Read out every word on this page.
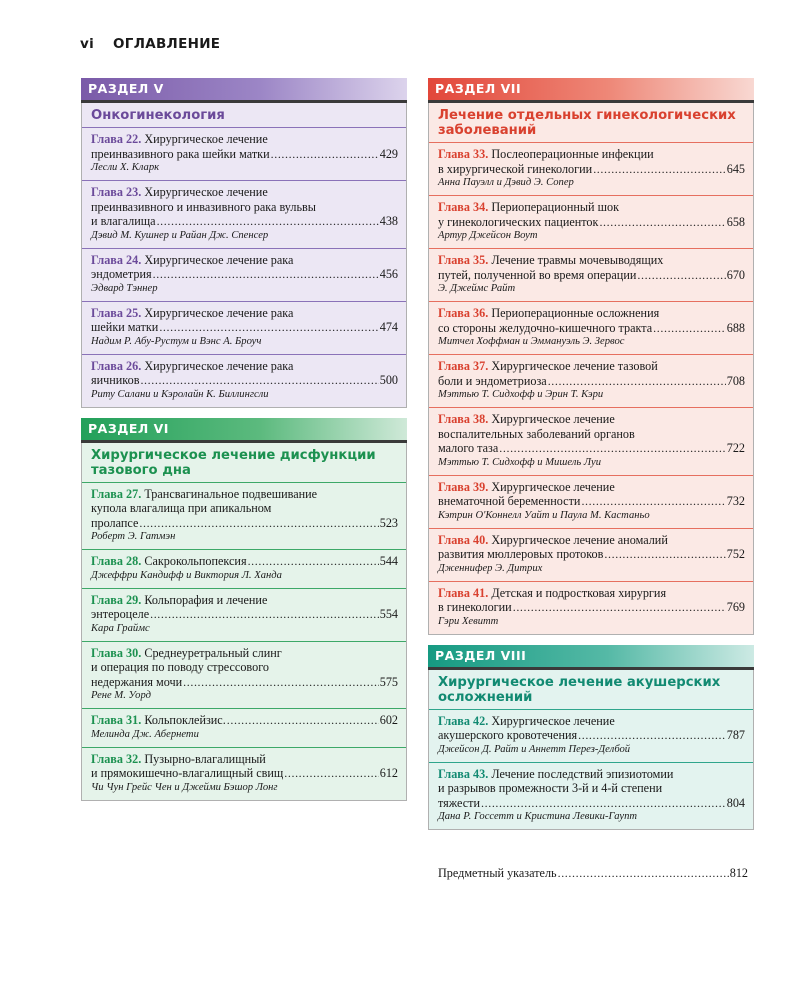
vi ОГЛАВЛЕНИЕ
РАЗДЕЛ V
Онкогинекология
Глава 22.
Хирургическое лечение
преинвазивного рака шейки матки . . .	429
Лесли Х. Кларк
Глава 23.
Хирургическое лечение
преинвазивного и инвазивного рака вульвы
и влагалища . . .	438
Дэвид М. Кушнер и Райан Дж. Спенсер
Глава 24.
Хирургическое лечение рака
эндометрия . . .	456
Эдвард Тэннер
Глава 25.
Хирургическое лечение рака
шейки матки . . .	474
Надим Р. Абу-Рустум и Вэнс А. Броуч
Глава 26.
Хирургическое лечение рака
яичников . . .	500
Риту Салани и Кэролайн К. Биллингсли
РАЗДЕЛ VI
Хирургическое лечение дисфункции
тазового дна
Глава 27.
Трансвагинальное подвешивание
купола влагалища при апикальном
пролапсе . . .	523
Роберт Э. Гатмэн
Глава 28.
Сакрокольпопексия . . .	544
Джеффри Кандифф и Виктория Л. Ханда
Глава 29.
Кольпорафия и лечение
энтероцеле . . .	554
Кара Граймс
Глава 30.
Среднеуретральный слинг
и операция по поводу стрессового
недержания мочи . . .	575
Рене М. Уорд
Глава 31.
Кольпоклейзис. . . .	602
Мелинда Дж. Абернети
Глава 32.
Пузырно-влагалищный
и прямокишечно-влагалищный свищ . . .	612
Чи Чун Грейс Чен и Джейми Бэшор Лонг
РАЗДЕЛ VII
Лечение отдельных гинекологических
заболеваний
Глава 33.
Послеоперационные инфекции
в хирургической гинекологии . . .	645
Анна Пауэлл и Дэвид Э. Сопер
Глава 34.
Периоперационный шок
у гинекологических пациенток . . .	658
Артур Джейсон Воут
Глава 35.
Лечение травмы мочевыводящих
путей, полученной во время операции . . .	670
Э. Джеймс Райт
Глава 36.
Периоперационные осложнения
со стороны желудочно-кишечного тракта . . .	688
Митчел Хоффман и Эммануэль Э. Зервос
Глава 37.
Хирургическое лечение тазовой
боли и эндометриоза . . .	708
Мэттью Т. Сидхофф и Эрин Т. Кэри
Глава 38.
Хирургическое лечение
воспалительных заболеваний органов
малого таза . . .	722
Мэттью Т. Сидхофф и Мишель Луи
Глава 39.
Хирургическое лечение
внематочной беременности . . .	732
Кэтрин О'Коннелл Уайт и Паула М. Кастаньо
Глава 40.
Хирургическое лечение аномалий
развития мюллеровых протоков . . .	752
Дженнифер Э. Дитрих
Глава 41.
Детская и подростковая хирургия
в гинекологии . . .	769
Гэри Хевитт
РАЗДЕЛ VIII
Хирургическое лечение акушерских
осложнений
Глава 42.
Хирургическое лечение
акушерского кровотечения . . .	787
Джейсон Д. Райт и Аннетт Перез-Делбой
Глава 43.
Лечение последствий эпизиотомии
и разрывов промежности 3-й и 4-й степени
тяжести . . .	804
Дана Р. Госсетт и Кристина Левики-Гаупт
Предметный указатель . . .	812
